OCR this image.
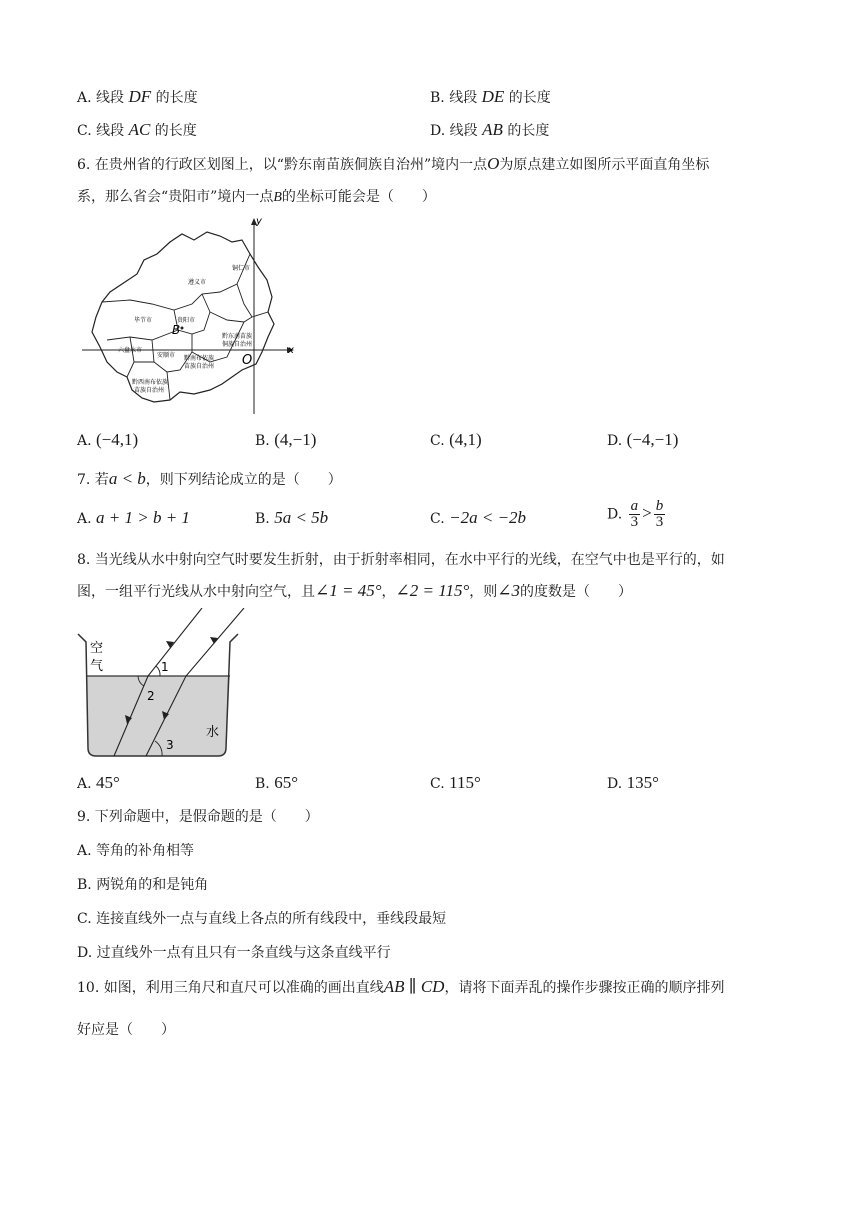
A. 线段 DF 的长度	B. 线段 DE 的长度
C. 线段 AC 的长度	D. 线段 AB 的长度
6. 在贵州省的行政区划图上，以“黔东南苗族侗族自治州”境内一点O为原点建立如图所示平面直角坐标
系，那么省会“贵阳市”境内一点B的坐标可能会是（　　）
x
y
O
遵义市
铜仁市
毕节市	贵阳市
B	黔东南苗族
侗族自治州
六盘水市
安顺市 黔南布依族
苗族自治州
黔西南布依族
苗族自治州
A. (−4,1)	B. (4,−1)	C. (4,1)	D. (−4,−1)
7. 若a < b，则下列结论成立的是（　　）
A. a + 1 > b + 1	B. 5a < 5b	C. −2a < −2b	D. $\frac{a}{3} > \frac{b}{3}$
8. 当光线从水中射向空气时要发生折射，由于折射率相同，在水中平行的光线，在空气中也是平行的，如
图，一组平行光线从水中射向空气，且∠1 = 45°，∠2 = 115°，则∠3的度数是（　　）
空
气
水
1
2
3
A. 45°	B. 65°	C. 115°	D. 135°
9. 下列命题中，是假命题的是（　　）
A. 等角的补角相等
B. 两锐角的和是钝角
C. 连接直线外一点与直线上各点的所有线段中，垂线段最短
D. 过直线外一点有且只有一条直线与这条直线平行
10. 如图，利用三角尺和直尺可以准确的画出直线AB ∥ CD，请将下面弄乱的操作步骤按正确的顺序排列
好应是（　　）
